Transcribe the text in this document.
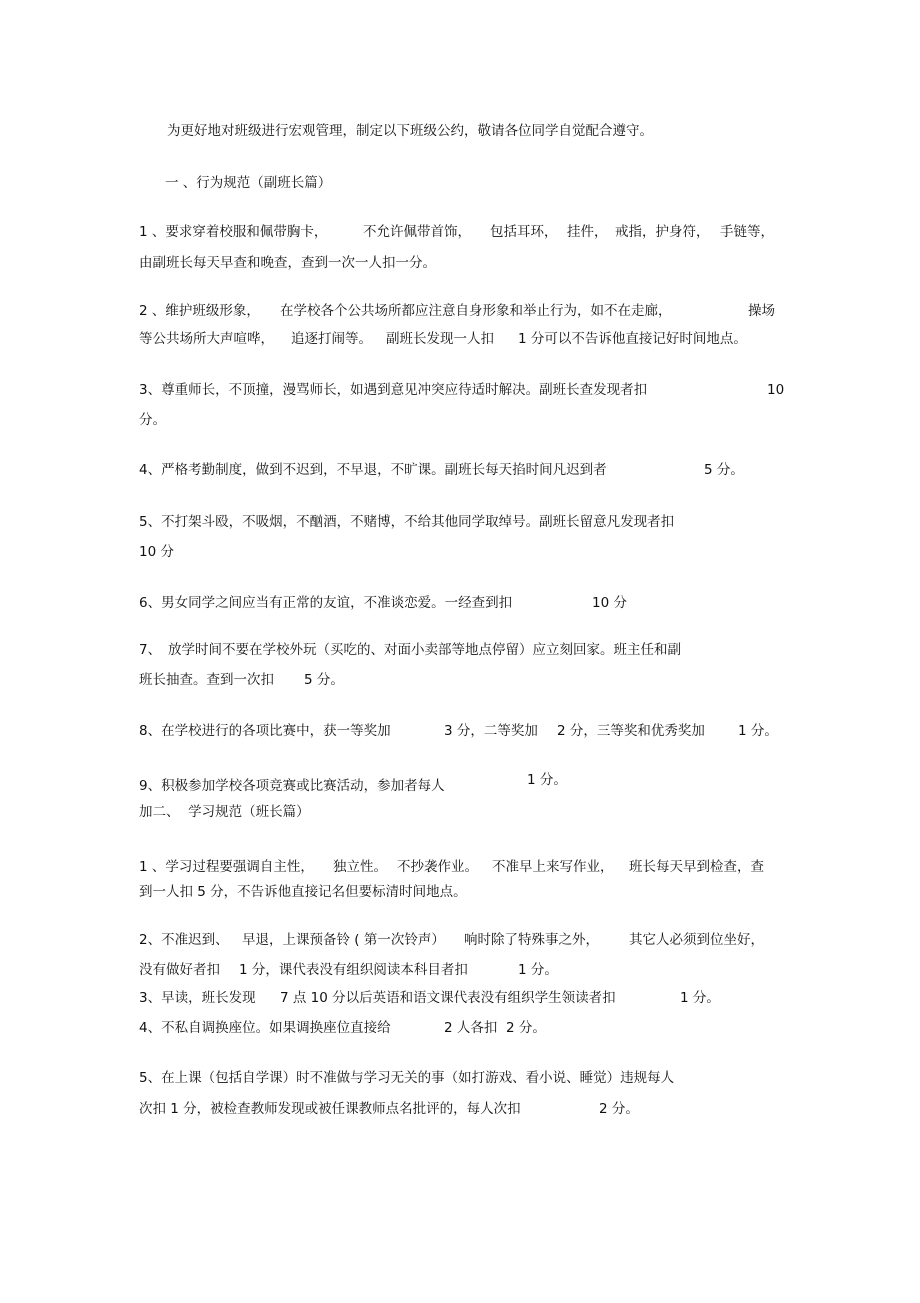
为更好地对班级进行宏观管理，制定以下班级公约，敬请各位同学自觉配合遵守。
一 、行为规范（副班长篇）
1 、要求穿着校服和佩带胸卡，	不允许佩带首饰， 包括耳环， 挂件， 戒指，护身符， 手链等，
由副班长每天早查和晚查，查到一次一人扣一分。
2 、维护班级形象， 在学校各个公共场所都应注意自身形象和举止行为，如不在走廊，	操场
等公共场所大声喧哗， 追逐打闹等。 副班长发现一人扣 1 分可以不告诉他直接记好时间地点。
3、尊重师长，不顶撞，漫骂师长，如遇到意见冲突应待适时解决。副班长查发现者扣	10
分。
4、严格考勤制度，做到不迟到，不早退，不旷课。副班长每天掐时间凡迟到者	5 分。
5、不打架斗殴，不吸烟，不酗酒，不赌博，不给其他同学取绰号。副班长留意凡发现者扣
10 分
6、男女同学之间应当有正常的友谊，不准谈恋爱。一经查到扣	10 分
7、 放学时间不要在学校外玩（买吃的、对面小卖部等地点停留）应立刻回家。班主任和副
班长抽查。查到一次扣 5 分。
8、在学校进行的各项比赛中，获一等奖加	3 分，二等奖加 2 分，三等奖和优秀奖加 1 分。
9、积极参加学校各项竞赛或比赛活动，参加者每人	1 分。
加二、  学习规范（班长篇）
1 、学习过程要强调自主性， 独立性。 不抄袭作业。 不准早上来写作业， 班长每天早到检查，查
到一人扣 5 分，不告诉他直接记名但要标清时间地点。
2、不准迟到、 早退，上课预备铃 ( 第一次铃声） 响时除了特殊事之外， 其它人必须到位坐好，
没有做好者扣 1 分，课代表没有组织阅读本科目者扣	1 分。
3、早读，班长发现 7 点 10 分以后英语和语文课代表没有组织学生领读者扣	1 分。
4、不私自调换座位。如果调换座位直接给	2 人各扣  2 分。
5、在上课（包括自学课）时不准做与学习无关的事（如打游戏、看小说、睡觉）违规每人
次扣 1 分，被检查教师发现或被任课教师点名批评的，每人次扣	2 分。
